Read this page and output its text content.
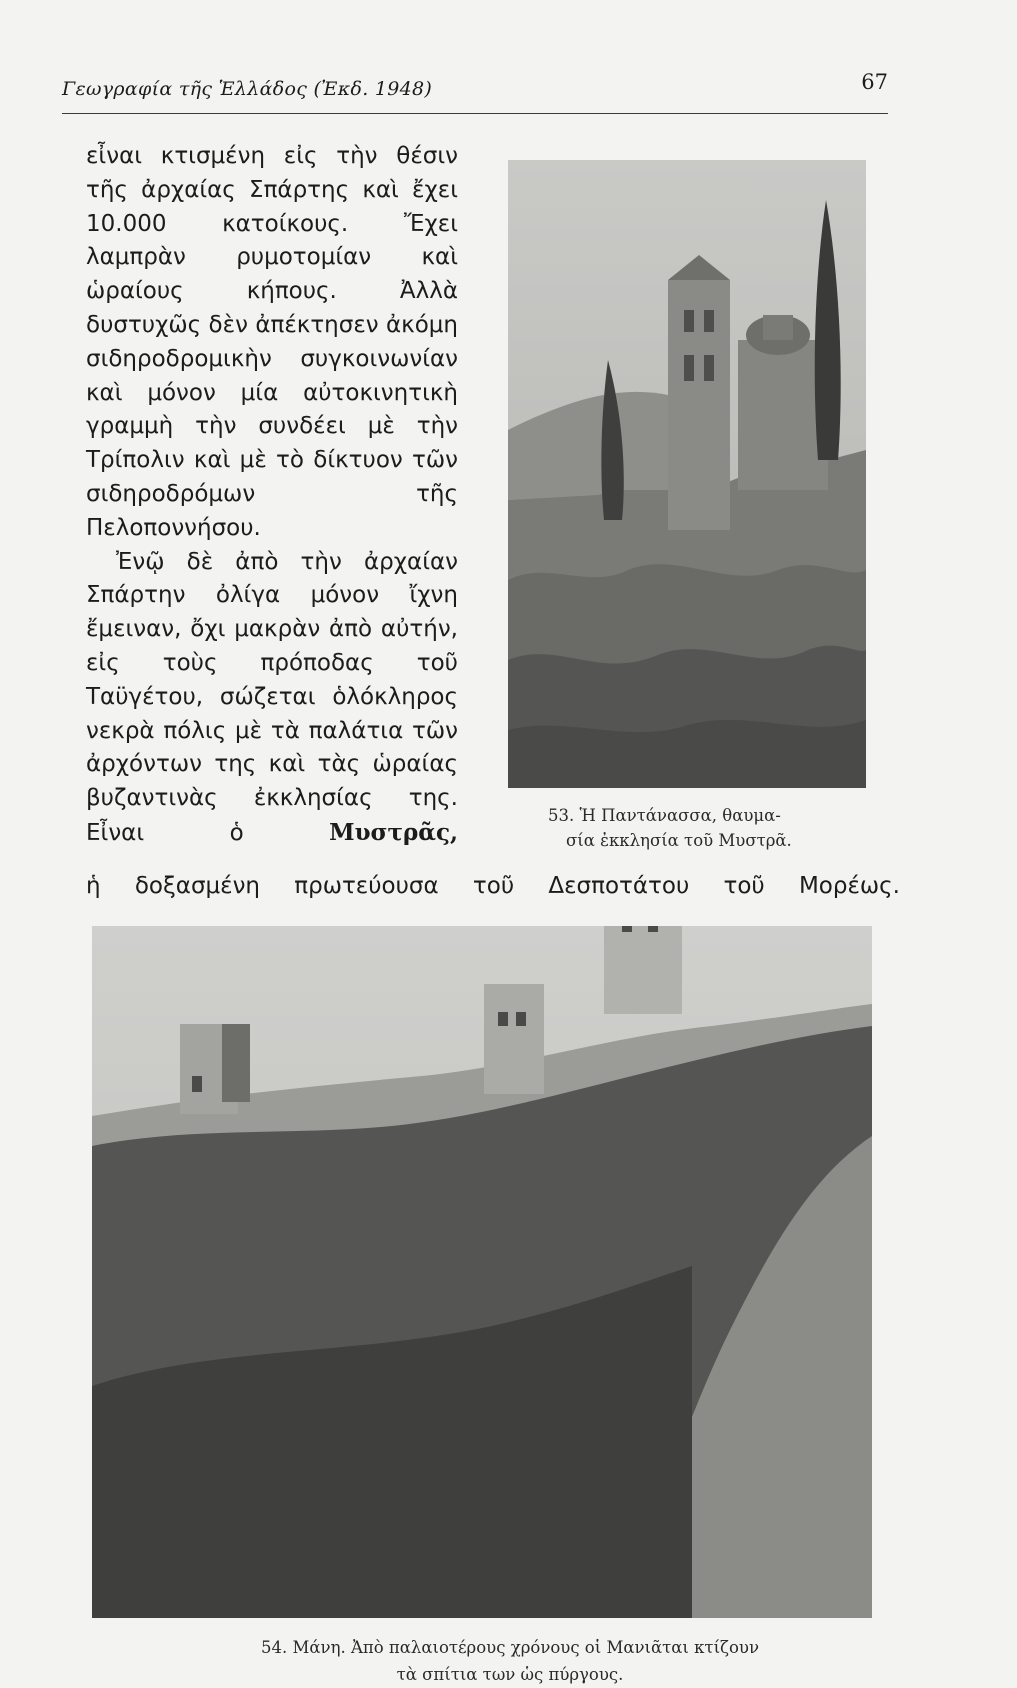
Γεωγραφία τῆς Ἑλλάδος (Ἐκδ. 1948)	67

εἶναι κτισμένη εἰς τὴν θέσιν τῆς ἀρχαίας Σπάρτης καὶ ἔχει 10.000 κατοίκους. Ἔχει λαμπρὰν ρυμοτομίαν καὶ ὡραίους κήπους. Ἀλλὰ δυστυχῶς δὲν ἀπέκτησεν ἀκόμη σιδηροδρομικὴν συγκοινωνίαν καὶ μόνον μία αὐτοκινητικὴ γραμμὴ τὴν συνδέει μὲ τὴν Τρίπολιν καὶ μὲ τὸ δίκτυον τῶν σιδηροδρόμων τῆς Πελοποννήσου.

Ἐνῷ δὲ ἀπὸ τὴν ἀρχαίαν Σπάρτην ὀλίγα μόνον ἴχνη ἔμειναν, ὄχι μακρὰν ἀπὸ αὐτήν, εἰς τοὺς πρόποδας τοῦ Ταϋγέτου, σώζεται ὁλόκληρος νεκρὰ πόλις μὲ τὰ παλάτια τῶν ἀρχόντων της καὶ τὰς ὡραίας βυζαντινὰς ἐκκλησίας της. Εἶναι ὁ	Μυστρᾶς,

ἡ δοξασμένη πρωτεύουσα τοῦ Δεσποτάτου τοῦ Μορέως.
53. Ἡ Παντάνασσα, θαυμα-
σία ἐκκλησία τοῦ Μυστρᾶ.
54. Μάνη. Ἀπὸ παλαιοτέρους χρόνους οἱ Μανιᾶται κτίζουν
τὰ σπίτια των ὡς πύργους.
